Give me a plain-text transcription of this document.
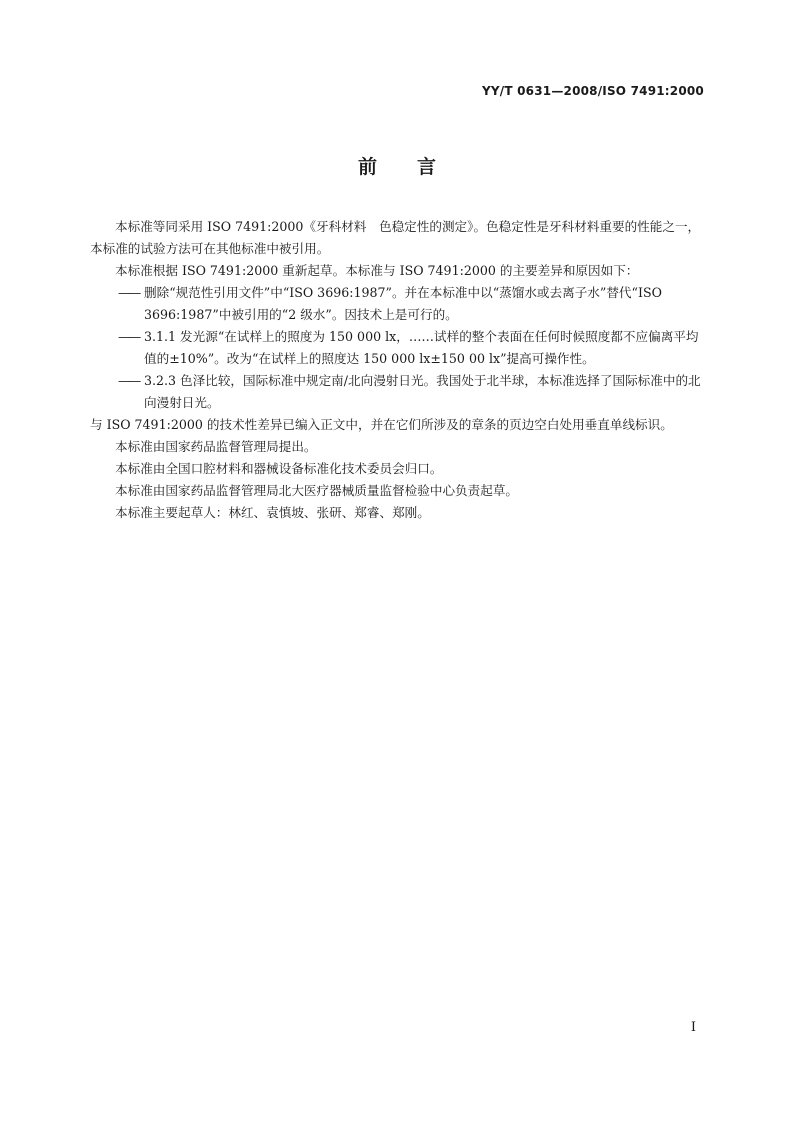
YY/T 0631—2008/ISO 7491:2000
前言

本标准等同采用 ISO 7491:2000《牙科材料　色稳定性的测定》。色稳定性是牙科材料重要的性能之一，本标准的试验方法可在其他标准中被引用。

本标准根据 ISO 7491:2000 重新起草。本标准与 ISO 7491:2000 的主要差异和原因如下：

—— 删除“规范性引用文件”中“ISO 3696:1987”。并在本标准中以“蒸馏水或去离子水”替代“ISO 3696:1987”中被引用的“2 级水”。因技术上是可行的。
—— 3.1.1 发光源“在试样上的照度为 150 000 lx，……试样的整个表面在任何时候照度都不应偏离平均值的±10%”。改为“在试样上的照度达 150 000 lx±150 00 lx”提高可操作性。
—— 3.2.3 色泽比较，国际标准中规定南/北向漫射日光。我国处于北半球，本标准选择了国际标准中的北向漫射日光。

与 ISO 7491:2000 的技术性差异已编入正文中，并在它们所涉及的章条的页边空白处用垂直单线标识。

本标准由国家药品监督管理局提出。

本标准由全国口腔材料和器械设备标准化技术委员会归口。

本标准由国家药品监督管理局北大医疗器械质量监督检验中心负责起草。

本标准主要起草人：林红、袁慎坡、张研、郑睿、郑刚。

I
